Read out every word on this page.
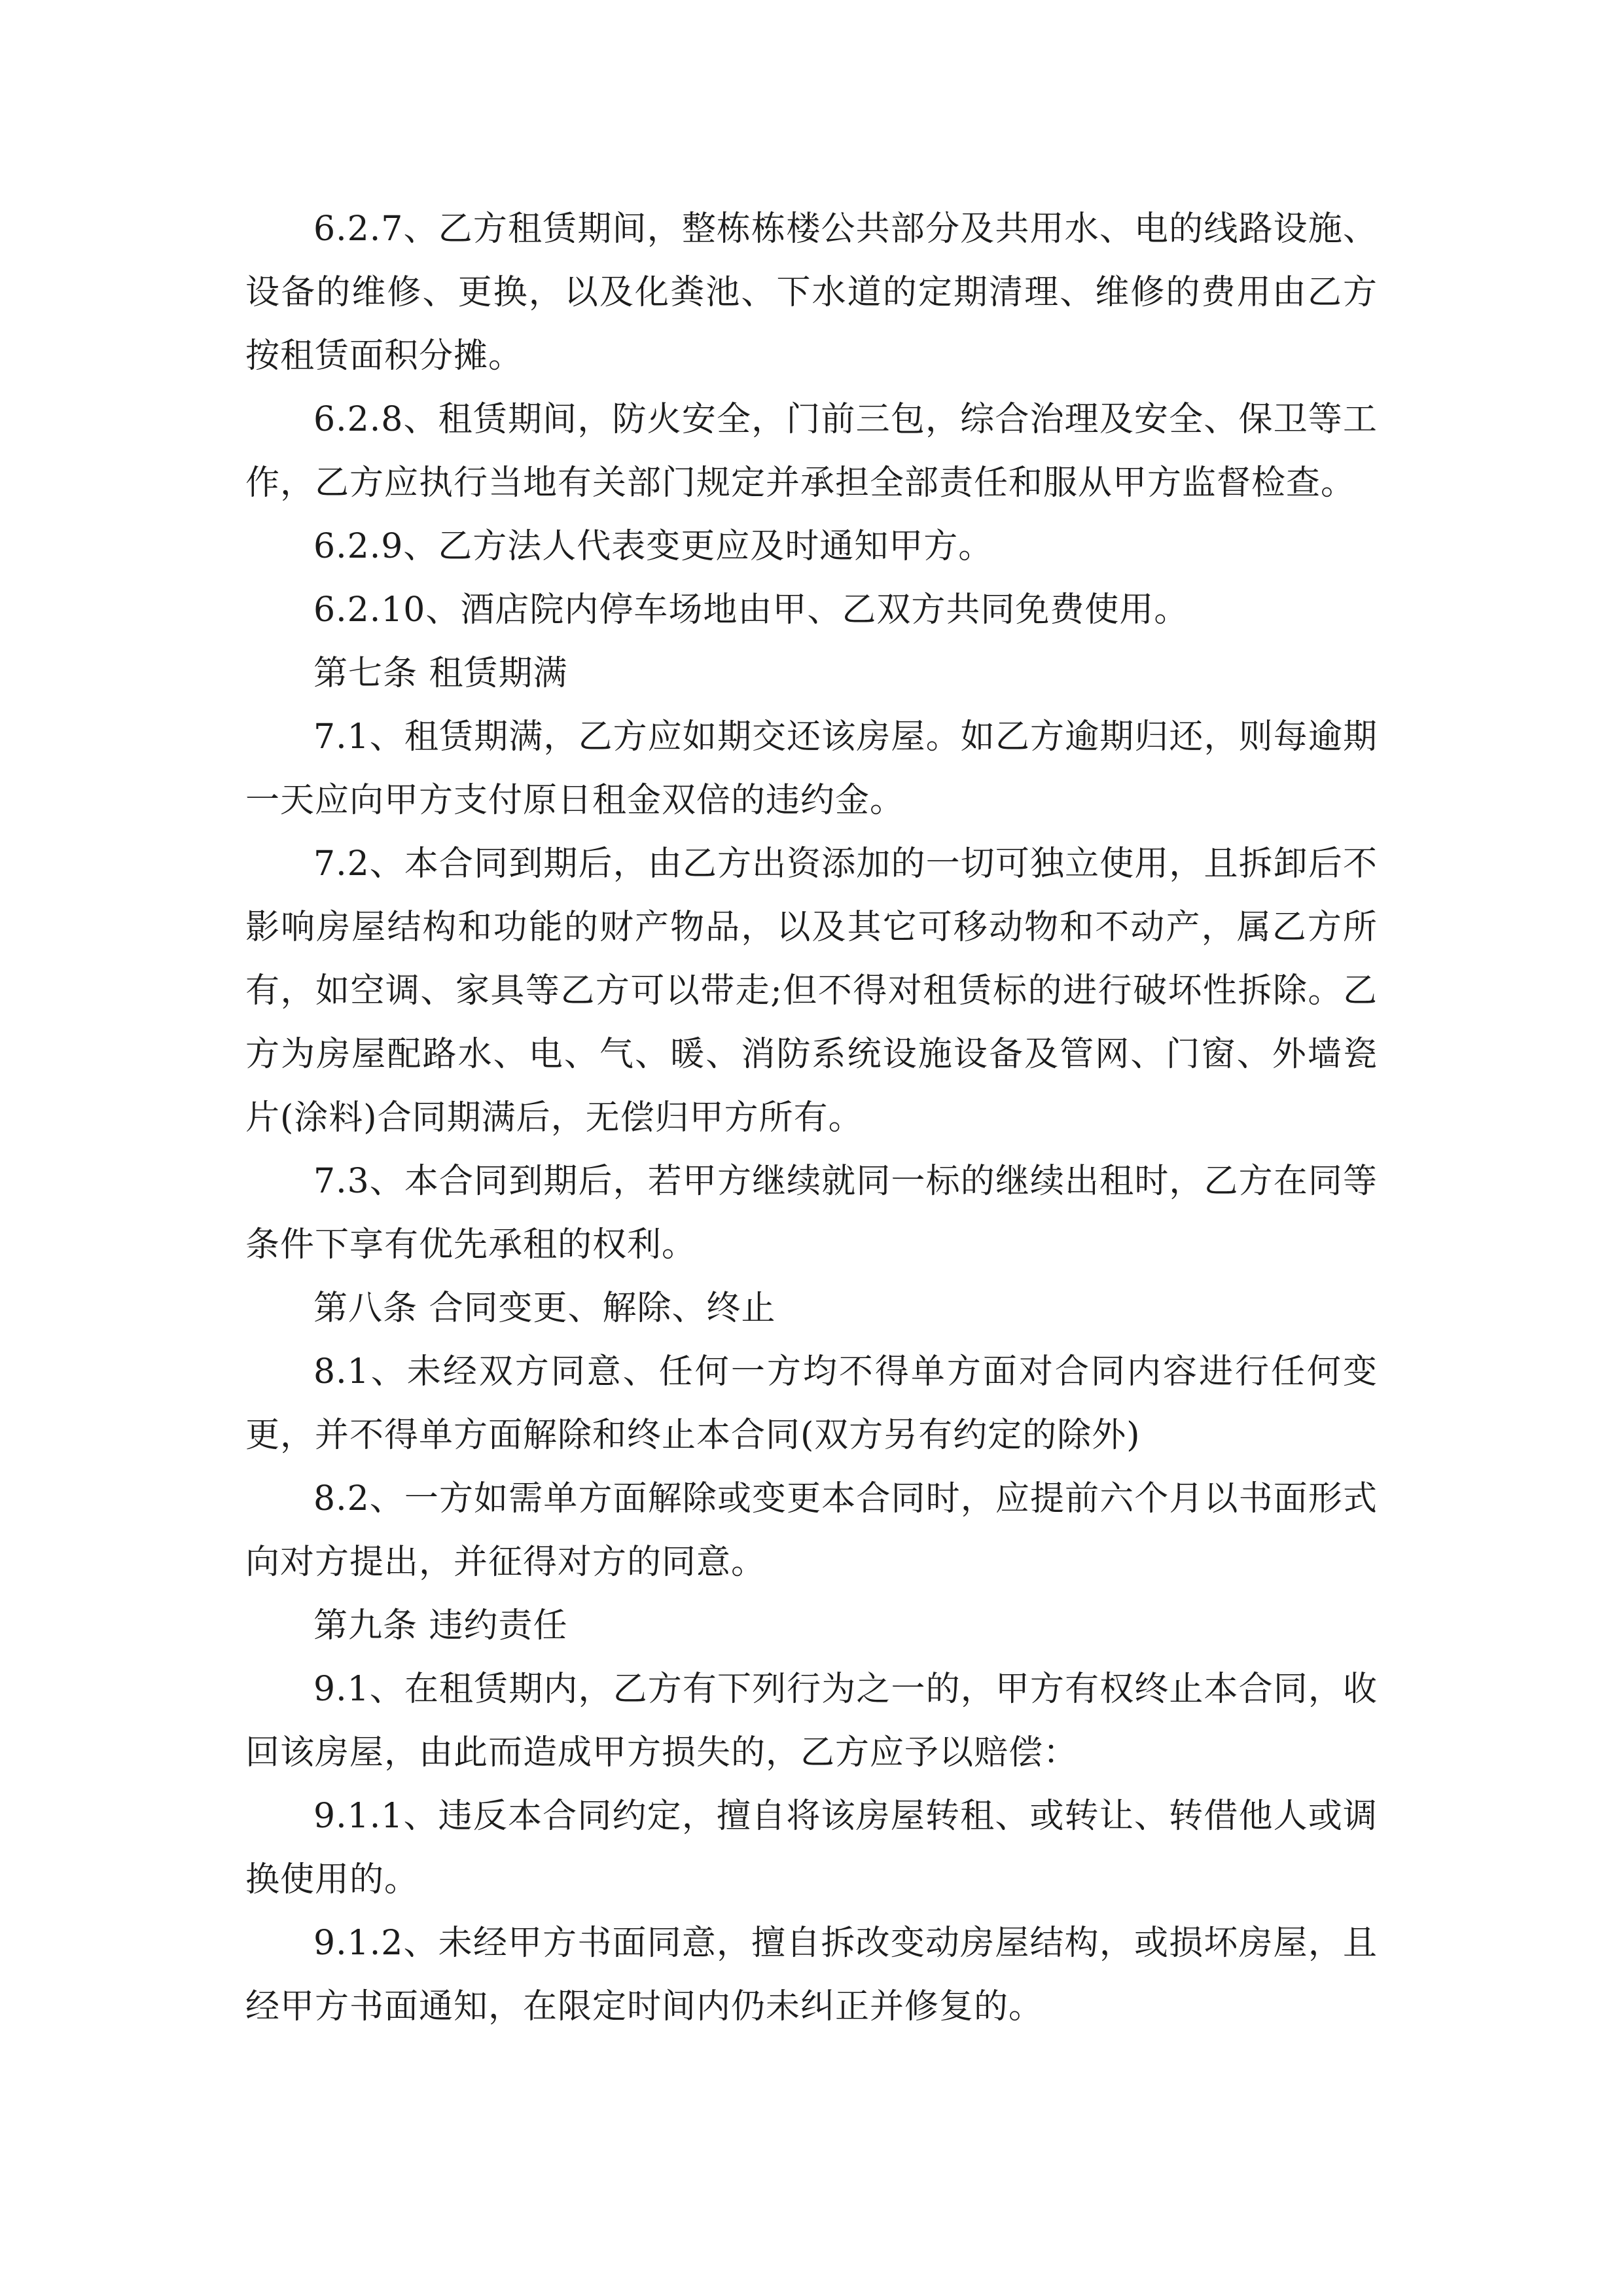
6.2.7、乙方租赁期间，整栋栋楼公共部分及共用水、电的线路设施、设备的维修、更换，以及化粪池、下水道的定期清理、维修的费用由乙方按租赁面积分摊。

6.2.8、租赁期间，防火安全，门前三包，综合治理及安全、保卫等工作，乙方应执行当地有关部门规定并承担全部责任和服从甲方监督检查。

6.2.9、乙方法人代表变更应及时通知甲方。

6.2.10、酒店院内停车场地由甲、乙双方共同免费使用。

第七条 租赁期满

7.1、租赁期满，乙方应如期交还该房屋。如乙方逾期归还，则每逾期一天应向甲方支付原日租金双倍的违约金。

7.2、本合同到期后，由乙方出资添加的一切可独立使用，且拆卸后不影响房屋结构和功能的财产物品，以及其它可移动物和不动产，属乙方所有，如空调、家具等乙方可以带走;但不得对租赁标的进行破坏性拆除。乙方为房屋配路水、电、气、暖、消防系统设施设备及管网、门窗、外墙瓷片(涂料)合同期满后，无偿归甲方所有。

7.3、本合同到期后，若甲方继续就同一标的继续出租时，乙方在同等条件下享有优先承租的权利。

第八条 合同变更、解除、终止

8.1、未经双方同意、任何一方均不得单方面对合同内容进行任何变更，并不得单方面解除和终止本合同(双方另有约定的除外)

8.2、一方如需单方面解除或变更本合同时，应提前六个月以书面形式向对方提出，并征得对方的同意。

第九条 违约责任

9.1、在租赁期内，乙方有下列行为之一的，甲方有权终止本合同，收回该房屋，由此而造成甲方损失的，乙方应予以赔偿：

9.1.1、违反本合同约定，擅自将该房屋转租、或转让、转借他人或调换使用的。

9.1.2、未经甲方书面同意，擅自拆改变动房屋结构，或损坏房屋，且经甲方书面通知，在限定时间内仍未纠正并修复的。
